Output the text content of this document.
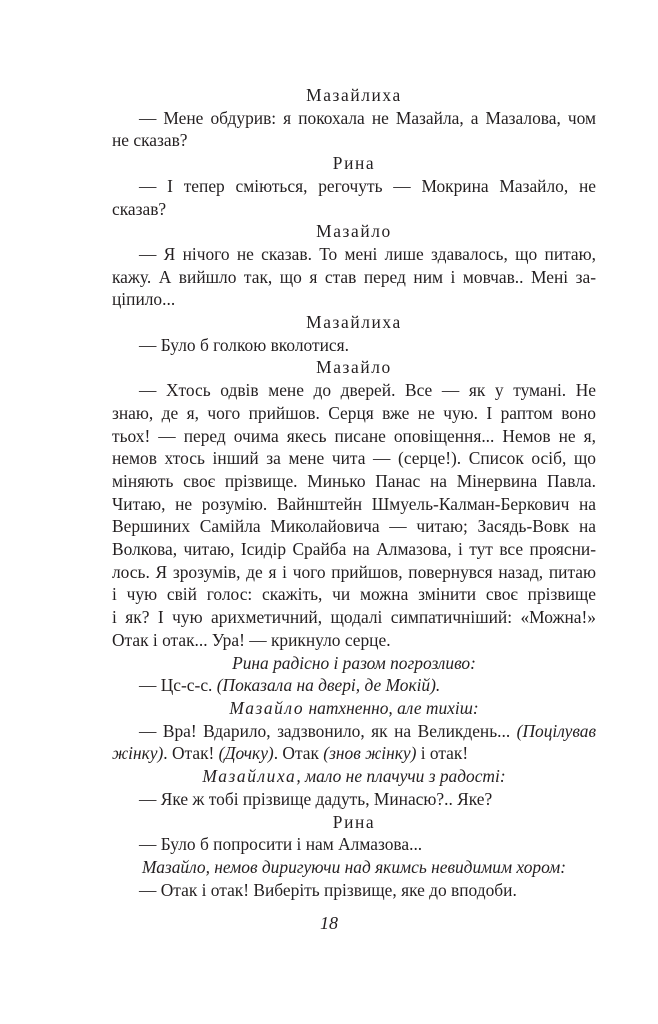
Мазайлиха
— Мене обдурив: я покохала не Мазайла, а Мазалова, чом
не сказав?
Рина
— І тепер сміються, регочуть — Мокрина Мазайло, не
сказав?
Мазайло
— Я нічого не сказав. То мені лише здавалось, що питаю,
кажу. А вийшло так, що я став перед ним і мовчав.. Мені за-
ціпило...
Мазайлиха
— Було б голкою вколотися.
Мазайло
— Хтось одвів мене до дверей. Все — як у тумані. Не
знаю, де я, чого прийшов. Серця вже не чую. І раптом воно
тьох! — перед очима якесь писане оповіщення... Немов не я,
немов хтось інший за мене чита — (серце!). Список осіб, що
міняють своє прізвище. Минько Панас на Мінервина Павла.
Читаю, не розумію. Вайнштейн Шмуель-Калман-Беркович на
Вершиних Самійла Миколайовича — читаю; Засядь-Вовк на
Волкова, читаю, Ісидір Срайба на Алмазова, і тут все проясни-
лось. Я зрозумів, де я і чого прийшов, повернувся назад, питаю
і чую свій голос: скажіть, чи можна змінити своє прізвище
і як? І чую арихметичний, щодалі симпатичніший: «Можна!»
Отак і отак... Ура! — крикнуло серце.
Рина радісно і разом погрозливо:
— Цс-с-с. (Показала на двері, де Мокій).
Мазайло натхненно, але тихіш:
— Вра! Вдарило, задзвонило, як на Великдень... (Поцілував
жінку). Отак! (Дочку). Отак (знов жінку) і отак!
Мазайлиха, мало не плачучи з радості:
— Яке ж тобі прізвище дадуть, Минасю?.. Яке?
Рина
— Було б попросити і нам Алмазова...
Мазайло, немов диригуючи над якимсь невидимим хором:
— Отак і отак! Виберіть прізвище, яке до вподоби.
18
